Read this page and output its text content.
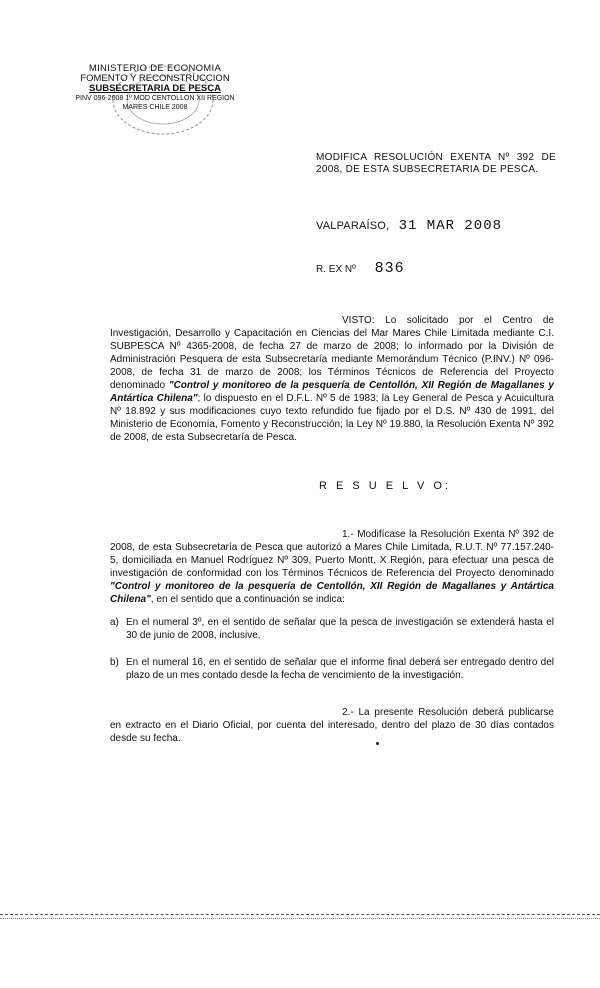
MINISTERIO DE ECONOMIA
FOMENTO Y RECONSTRUCCION
SUBSECRETARIA DE PESCA
PINV 096-2008 1º MOD CENTOLLON XII REGION
MARES CHILE 2008
MODIFICA RESOLUCIÓN EXENTA Nº 392 DE 2008, DE ESTA SUBSECRETARIA DE PESCA.
VALPARAÍSO, 31 MAR 2008
R. EX Nº 836
VISTO: Lo solicitado por el Centro de Investigación, Desarrollo y Capacitación en Ciencias del Mar Mares Chile Limitada mediante C.I. SUBPESCA Nº 4365-2008, de fecha 27 de marzo de 2008; lo informado por la División de Administración Pesquera de esta Subsecretaría mediante Memorándum Técnico (P.INV.) Nº 096-2008, de fecha 31 de marzo de 2008; los Términos Técnicos de Referencia del Proyecto denominado "Control y monitoreo de la pesquería de Centollón, XII Región de Magallanes y Antártica Chilena"; lo dispuesto en el D.F.L. Nº 5 de 1983; la Ley General de Pesca y Acuicultura Nº 18.892 y sus modificaciones cuyo texto refundido fue fijado por el D.S. Nº 430 de 1991, del Ministerio de Economía, Fomento y Reconstrucción; la Ley Nº 19.880, la Resolución Exenta Nº 392 de 2008, de esta Subsecretaría de Pesca.
R E S U E L V O:
1.- Modifícase la Resolución Exenta Nº 392 de 2008, de esta Subsecretaría de Pesca que autorizó a Mares Chile Limitada, R.U.T. Nº 77.157.240-5, domiciliada en Manuel Rodríguez Nº 309, Puerto Montt, X Región, para efectuar una pesca de investigación de conformidad con los Términos Técnicos de Referencia del Proyecto denominado "Control y monitoreo de la pesquería de Centollón, XII Región de Magallanes y Antártica Chilena", en el sentido que a continuación se indica:
a) En el numeral 3º, en el sentido de señalar que la pesca de investigación se extenderá hasta el 30 de junio de 2008, inclusive.
b) En el numeral 16, en el sentido de señalar que el informe final deberá ser entregado dentro del plazo de un mes contado desde la fecha de vencimiento de la investigación.
2.- La presente Resolución deberá publicarse en extracto en el Diario Oficial, por cuenta del interesado, dentro del plazo de 30 días contados desde su fecha.
